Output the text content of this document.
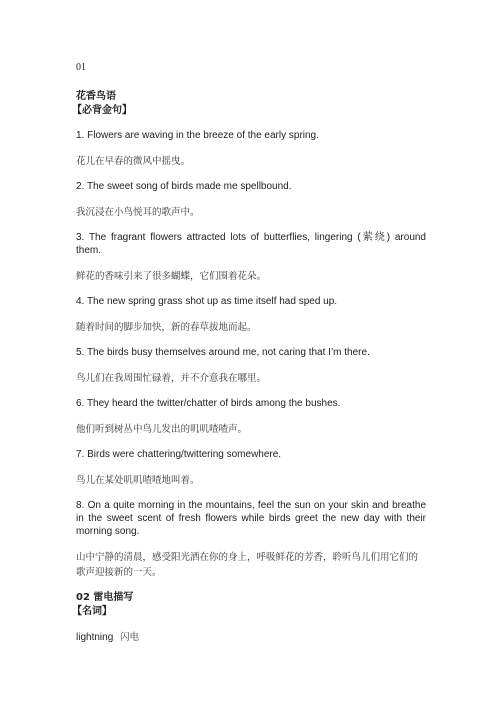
01
花香鸟语
【必背金句】
1. Flowers are waving in the breeze of the early spring.
花儿在早春的微风中摇曳。
2. The sweet song of birds made me spellbound.
我沉浸在小鸟悦耳的歌声中。
3. The fragrant flowers attracted lots of butterflies, lingering (萦绕) around them.
鲜花的香味引来了很多蝴蝶，它们围着花朵。
4. The new spring grass shot up as time itself had sped up.
随着时间的脚步加快，新的春草拔地而起。
5. The birds busy themselves around me, not caring that I’m there.
鸟儿们在我周围忙碌着，并不介意我在哪里。
6. They heard the twitter/chatter of birds among the bushes.
他们听到树丛中鸟儿发出的叽叽喳喳声。
7. Birds were chattering/twittering somewhere.
鸟儿在某处叽叽喳喳地叫着。
8. On a quite morning in the mountains, feel the sun on your skin and breathe in the sweet scent of fresh flowers while birds greet the new day with their morning song.
山中宁静的清晨，感受阳光洒在你的身上，呼吸鲜花的芳香，聆听鸟儿们用它们的歌声迎接新的一天。
02 雷电描写
【名词】
lightning 闪电
